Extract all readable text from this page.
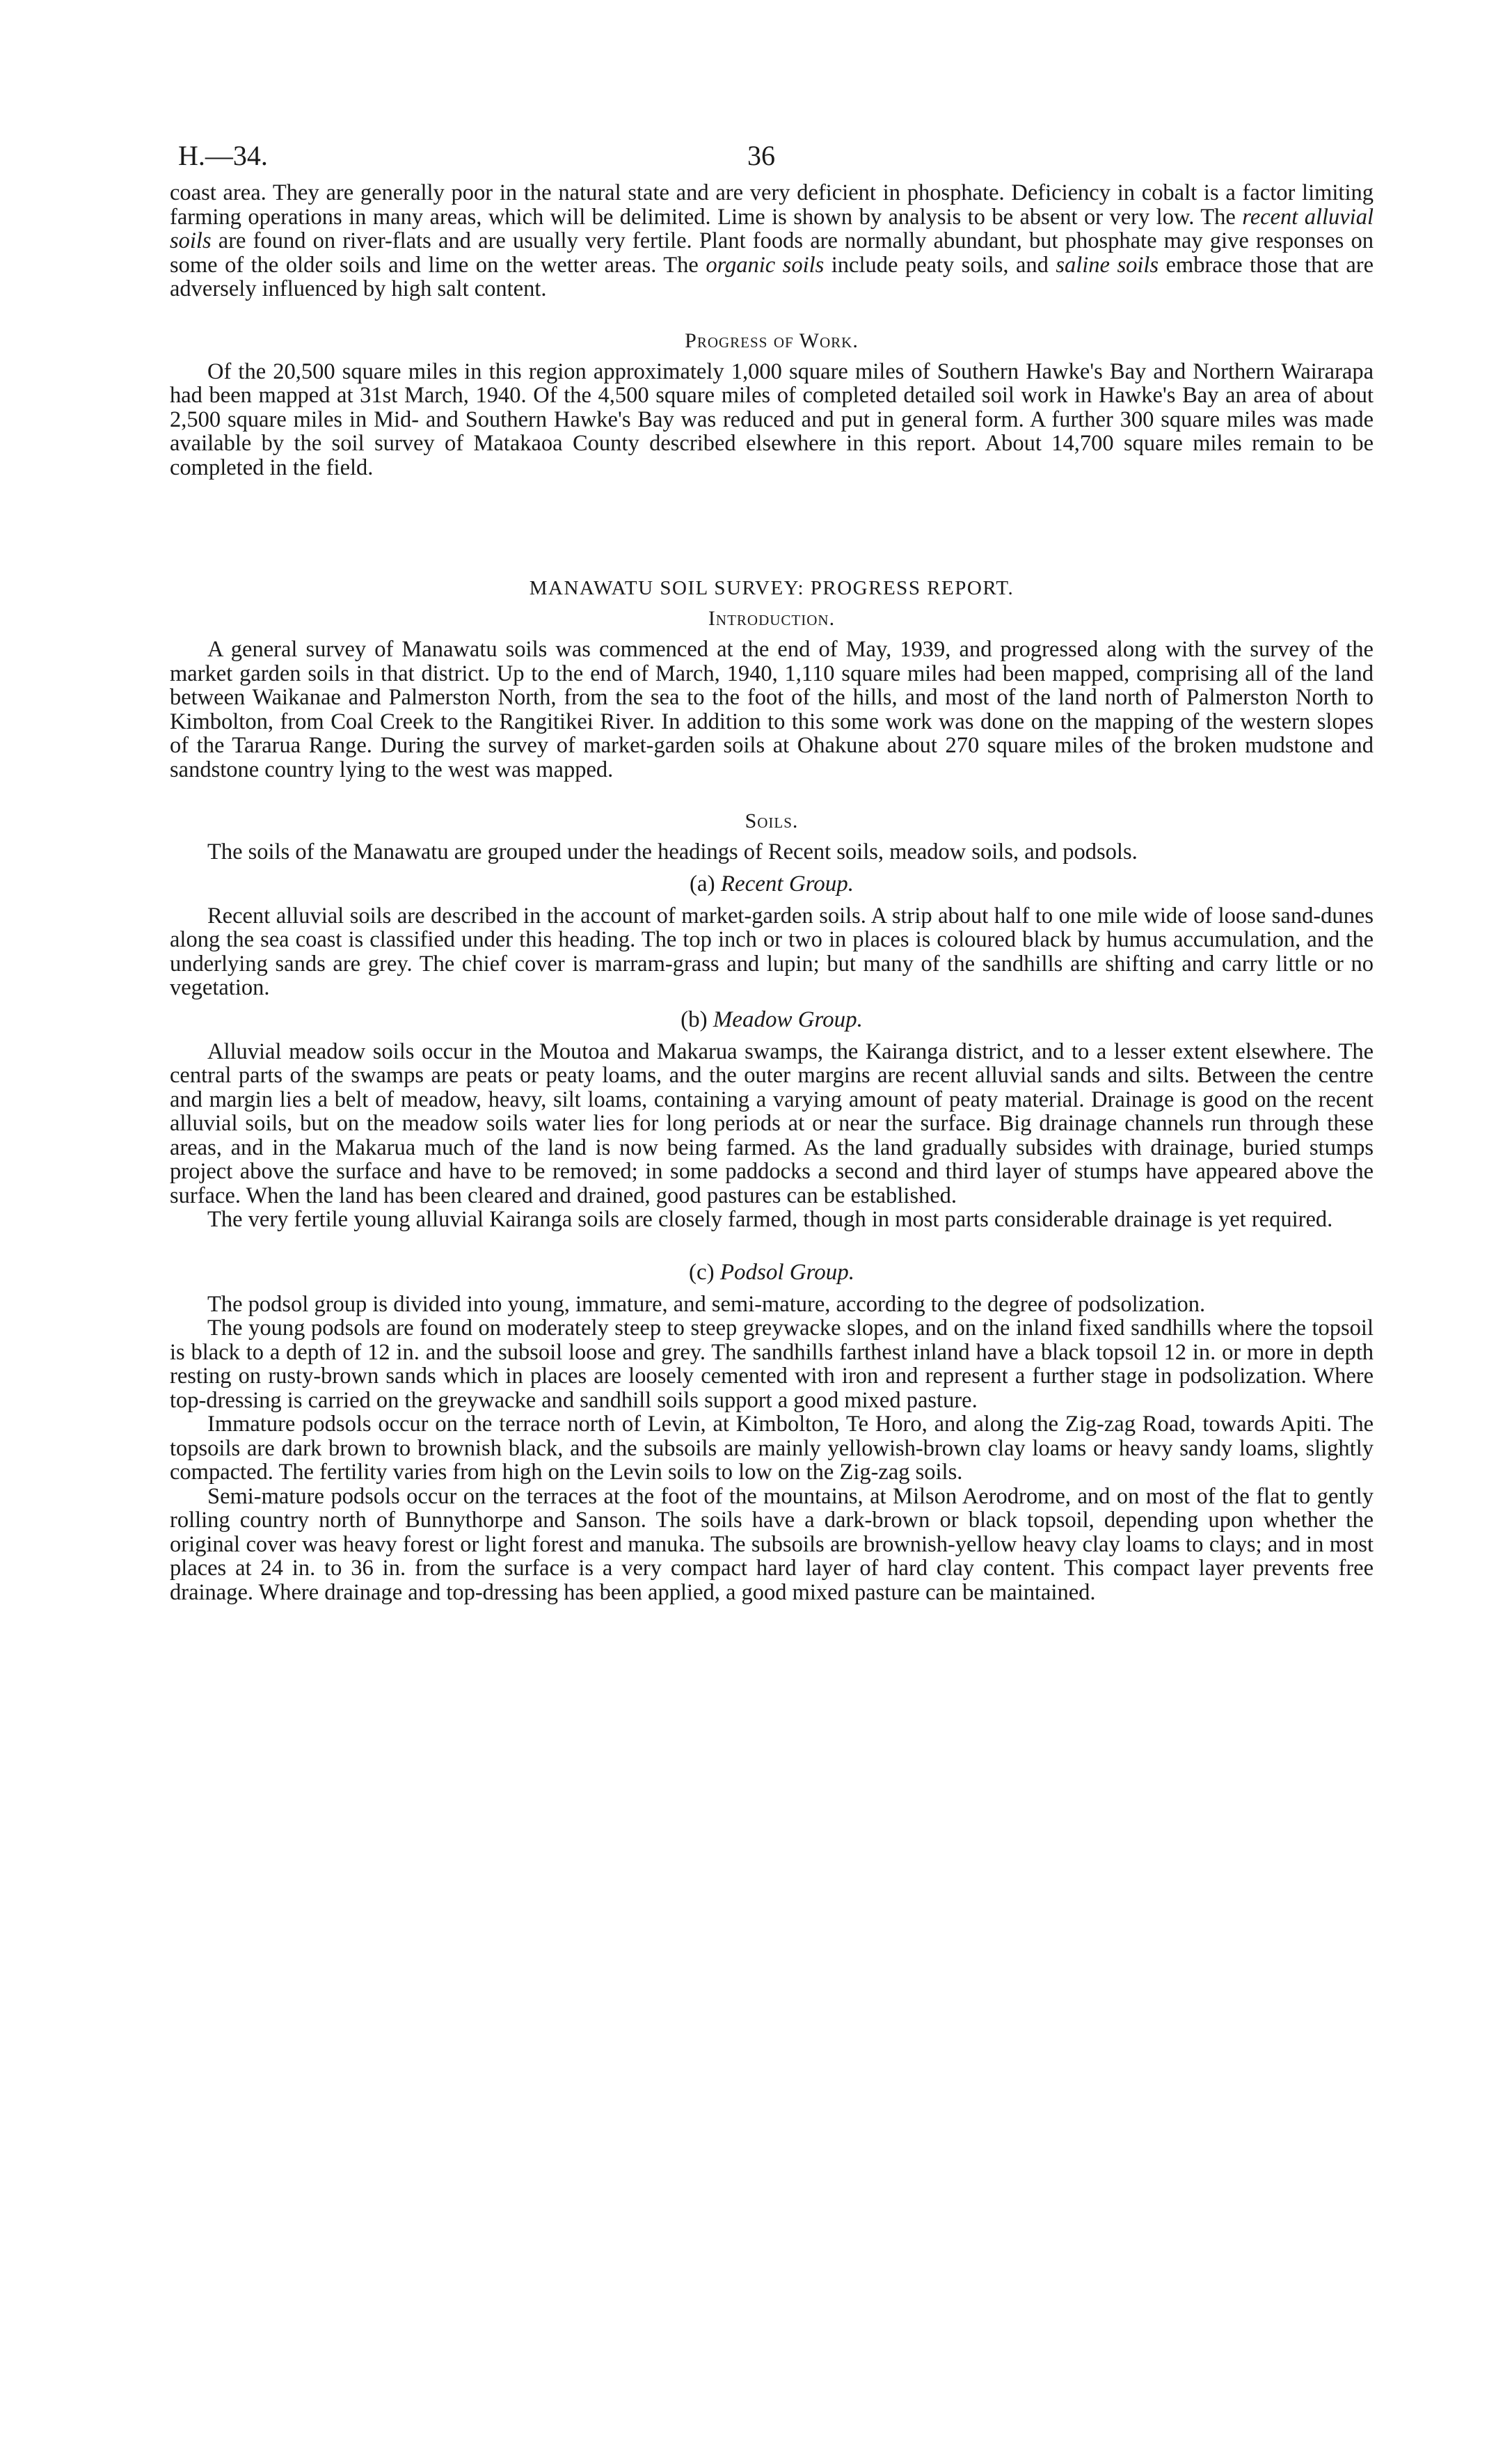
H.—34.	36

coast area. They are generally poor in the natural state and are very deficient in phosphate. Deficiency in cobalt is a factor limiting farming operations in many areas, which will be delimited. Lime is shown by analysis to be absent or very low. The recent alluvial soils are found on river-flats and are usually very fertile. Plant foods are normally abundant, but phosphate may give responses on some of the older soils and lime on the wetter areas. The organic soils include peaty soils, and saline soils embrace those that are adversely influenced by high salt content.

Progress of Work.

Of the 20,500 square miles in this region approximately 1,000 square miles of Southern Hawke's Bay and Northern Wairarapa had been mapped at 31st March, 1940. Of the 4,500 square miles of completed detailed soil work in Hawke's Bay an area of about 2,500 square miles in Mid- and Southern Hawke's Bay was reduced and put in general form. A further 300 square miles was made available by the soil survey of Matakaoa County described elsewhere in this report. About 14,700 square miles remain to be completed in the field.

MANAWATU SOIL SURVEY: PROGRESS REPORT.
Introduction.

A general survey of Manawatu soils was commenced at the end of May, 1939, and progressed along with the survey of the market garden soils in that district. Up to the end of March, 1940, 1,110 square miles had been mapped, comprising all of the land between Waikanae and Palmerston North, from the sea to the foot of the hills, and most of the land north of Palmerston North to Kimbolton, from Coal Creek to the Rangitikei River. In addition to this some work was done on the mapping of the western slopes of the Tararua Range. During the survey of market-garden soils at Ohakune about 270 square miles of the broken mudstone and sandstone country lying to the west was mapped.

Soils.

The soils of the Manawatu are grouped under the headings of Recent soils, meadow soils, and podsols.

(a) Recent Group.

Recent alluvial soils are described in the account of market-garden soils. A strip about half to one mile wide of loose sand-dunes along the sea coast is classified under this heading. The top inch or two in places is coloured black by humus accumulation, and the underlying sands are grey. The chief cover is marram-grass and lupin; but many of the sandhills are shifting and carry little or no vegetation.

(b) Meadow Group.

Alluvial meadow soils occur in the Moutoa and Makarua swamps, the Kairanga district, and to a lesser extent elsewhere. The central parts of the swamps are peats or peaty loams, and the outer margins are recent alluvial sands and silts. Between the centre and margin lies a belt of meadow, heavy, silt loams, containing a varying amount of peaty material. Drainage is good on the recent alluvial soils, but on the meadow soils water lies for long periods at or near the surface. Big drainage channels run through these areas, and in the Makarua much of the land is now being farmed. As the land gradually subsides with drainage, buried stumps project above the surface and have to be removed; in some paddocks a second and third layer of stumps have appeared above the surface. When the land has been cleared and drained, good pastures can be established.

The very fertile young alluvial Kairanga soils are closely farmed, though in most parts considerable drainage is yet required.

(c) Podsol Group.

The podsol group is divided into young, immature, and semi-mature, according to the degree of podsolization.

The young podsols are found on moderately steep to steep greywacke slopes, and on the inland fixed sandhills where the topsoil is black to a depth of 12 in. and the subsoil loose and grey. The sandhills farthest inland have a black topsoil 12 in. or more in depth resting on rusty-brown sands which in places are loosely cemented with iron and represent a further stage in podsolization. Where top-dressing is carried on the greywacke and sandhill soils support a good mixed pasture.

Immature podsols occur on the terrace north of Levin, at Kimbolton, Te Horo, and along the Zig-zag Road, towards Apiti. The topsoils are dark brown to brownish black, and the subsoils are mainly yellowish-brown clay loams or heavy sandy loams, slightly compacted. The fertility varies from high on the Levin soils to low on the Zig-zag soils.

Semi-mature podsols occur on the terraces at the foot of the mountains, at Milson Aerodrome, and on most of the flat to gently rolling country north of Bunnythorpe and Sanson. The soils have a dark-brown or black topsoil, depending upon whether the original cover was heavy forest or light forest and manuka. The subsoils are brownish-yellow heavy clay loams to clays; and in most places at 24 in. to 36 in. from the surface is a very compact hard layer of hard clay content. This compact layer prevents free drainage. Where drainage and top-dressing has been applied, a good mixed pasture can be maintained.
